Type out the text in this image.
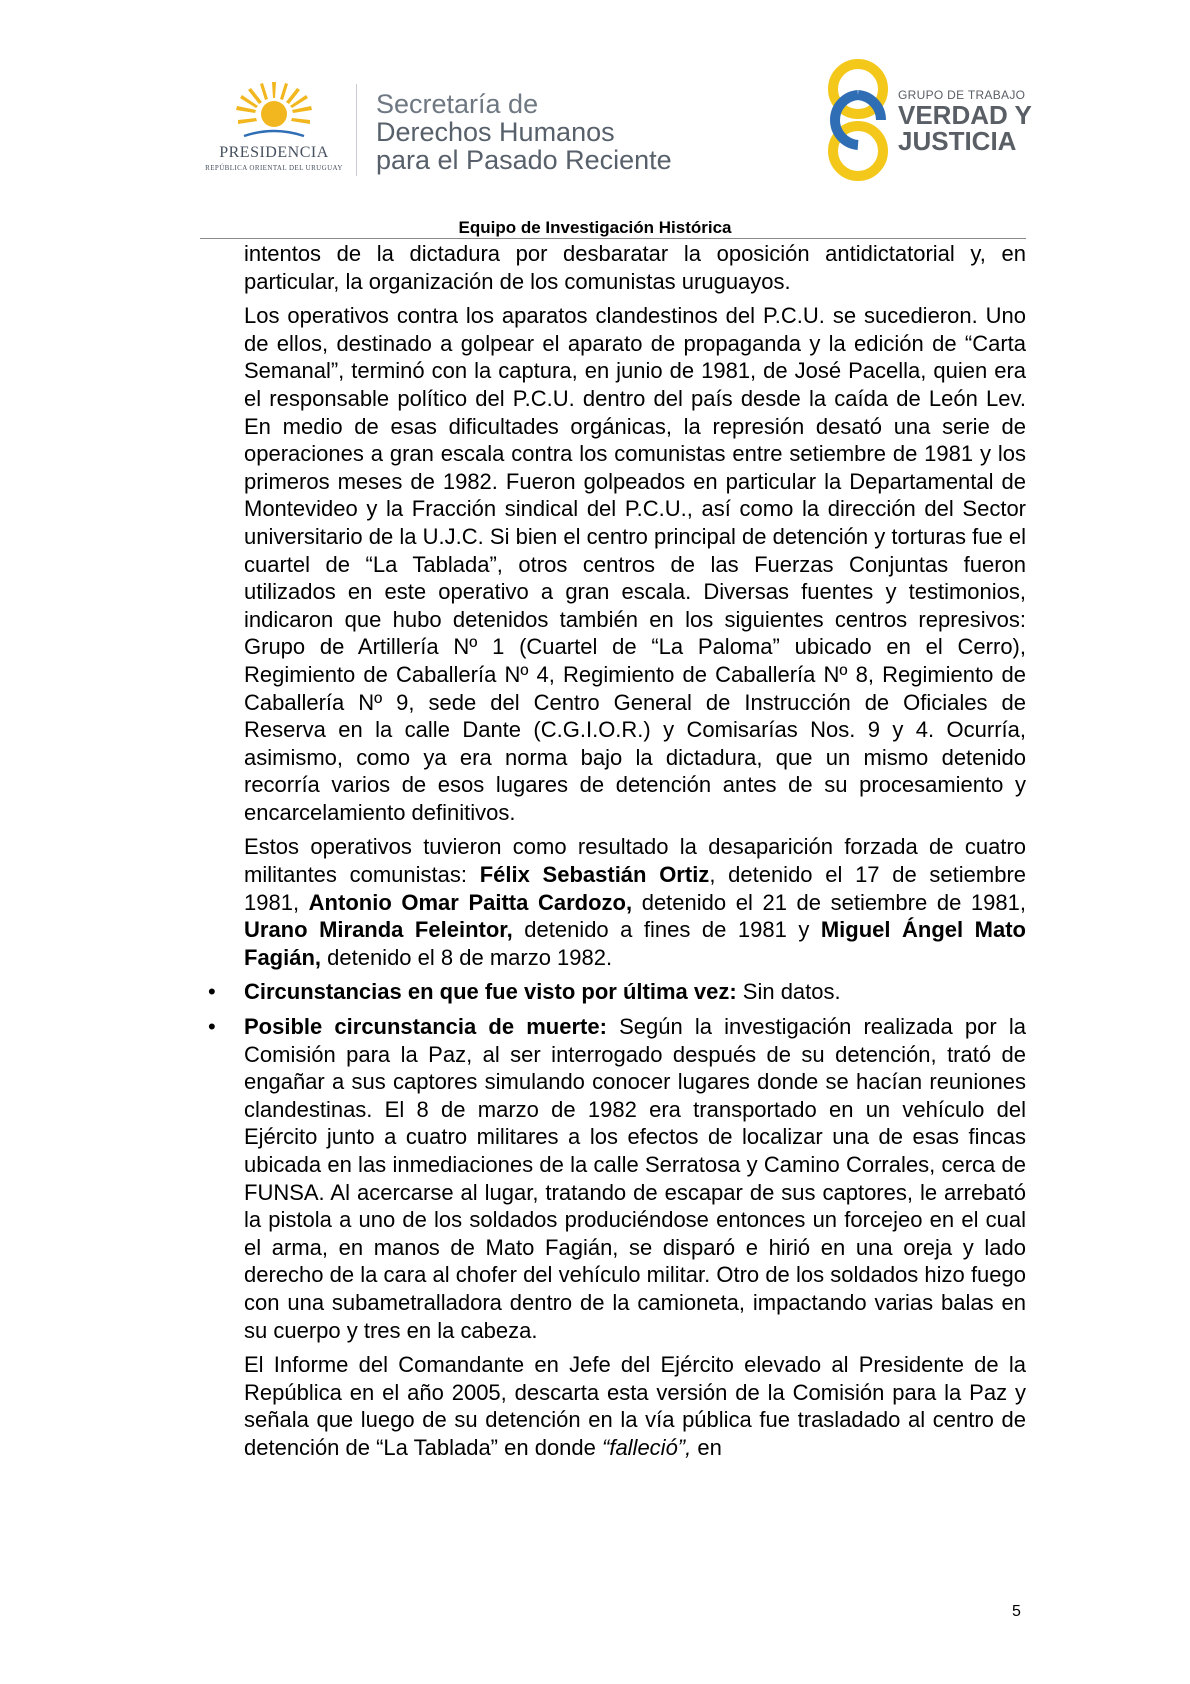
PRESIDENCIA
REPÚBLICA ORIENTAL DEL URUGUAY
Secretaría de
Derechos Humanos
para el Pasado Reciente
GRUPO DE TRABAJO
VERDAD Y
JUSTICIA
Equipo de Investigación Histórica

intentos de la dictadura por desbaratar la oposición antidictatorial y, en particular, la organización de los comunistas uruguayos.

Los operativos contra los aparatos clandestinos del P.C.U. se sucedieron. Uno de ellos, destinado a golpear el aparato de propaganda y la edición de “Carta Semanal”, terminó con la captura, en junio de 1981, de José Pacella, quien era el responsable político del P.C.U. dentro del país desde la caída de León Lev. En medio de esas dificultades orgánicas, la represión desató una serie de operaciones a gran escala contra los comunistas entre setiembre de 1981 y los primeros meses de 1982. Fueron golpeados en particular la Departamental de Montevideo y la Fracción sindical del P.C.U., así como la dirección del Sector universitario de la U.J.C. Si bien el centro principal de detención y torturas fue el cuartel de “La Tablada”, otros centros de las Fuerzas Conjuntas fueron utilizados en este operativo a gran escala. Diversas fuentes y testimonios, indicaron que hubo detenidos también en los siguientes centros represivos: Grupo de Artillería Nº 1 (Cuartel de “La Paloma” ubicado en el Cerro), Regimiento de Caballería Nº 4, Regimiento de Caballería Nº 8, Regimiento de Caballería Nº 9, sede del Centro General de Instrucción de Oficiales de Reserva en la calle Dante (C.G.I.O.R.) y Comisarías Nos. 9 y 4. Ocurría, asimismo, como ya era norma bajo la dictadura, que un mismo detenido recorría varios de esos lugares de detención antes de su procesamiento y encarcelamiento definitivos.

Estos operativos tuvieron como resultado la desaparición forzada de cuatro militantes comunistas: Félix Sebastián Ortiz, detenido el 17 de setiembre 1981, Antonio Omar Paitta Cardozo, detenido el 21 de setiembre de 1981, Urano Miranda Feleintor, detenido a fines de 1981 y Miguel Ángel Mato Fagián, detenido el 8 de marzo 1982.

• Circunstancias en que fue visto por última vez: Sin datos.
• Posible circunstancia de muerte: Según la investigación realizada por la Comisión para la Paz, al ser interrogado después de su detención, trató de engañar a sus captores simulando conocer lugares donde se hacían reuniones clandestinas. El 8 de marzo de 1982 era transportado en un vehículo del Ejército junto a cuatro militares a los efectos de localizar una de esas fincas ubicada en las inmediaciones de la calle Serratosa y Camino Corrales, cerca de FUNSA. Al acercarse al lugar, tratando de escapar de sus captores, le arrebató la pistola a uno de los soldados produciéndose entonces un forcejeo en el cual el arma, en manos de Mato Fagián, se disparó e hirió en una oreja y lado derecho de la cara al chofer del vehículo militar. Otro de los soldados hizo fuego con una subametralladora dentro de la camioneta, impactando varias balas en su cuerpo y tres en la cabeza.

El Informe del Comandante en Jefe del Ejército elevado al Presidente de la República en el año 2005, descarta esta versión de la Comisión para la Paz y señala que luego de su detención en la vía pública fue trasladado al centro de detención de “La Tablada” en donde “falleció”, en

5
